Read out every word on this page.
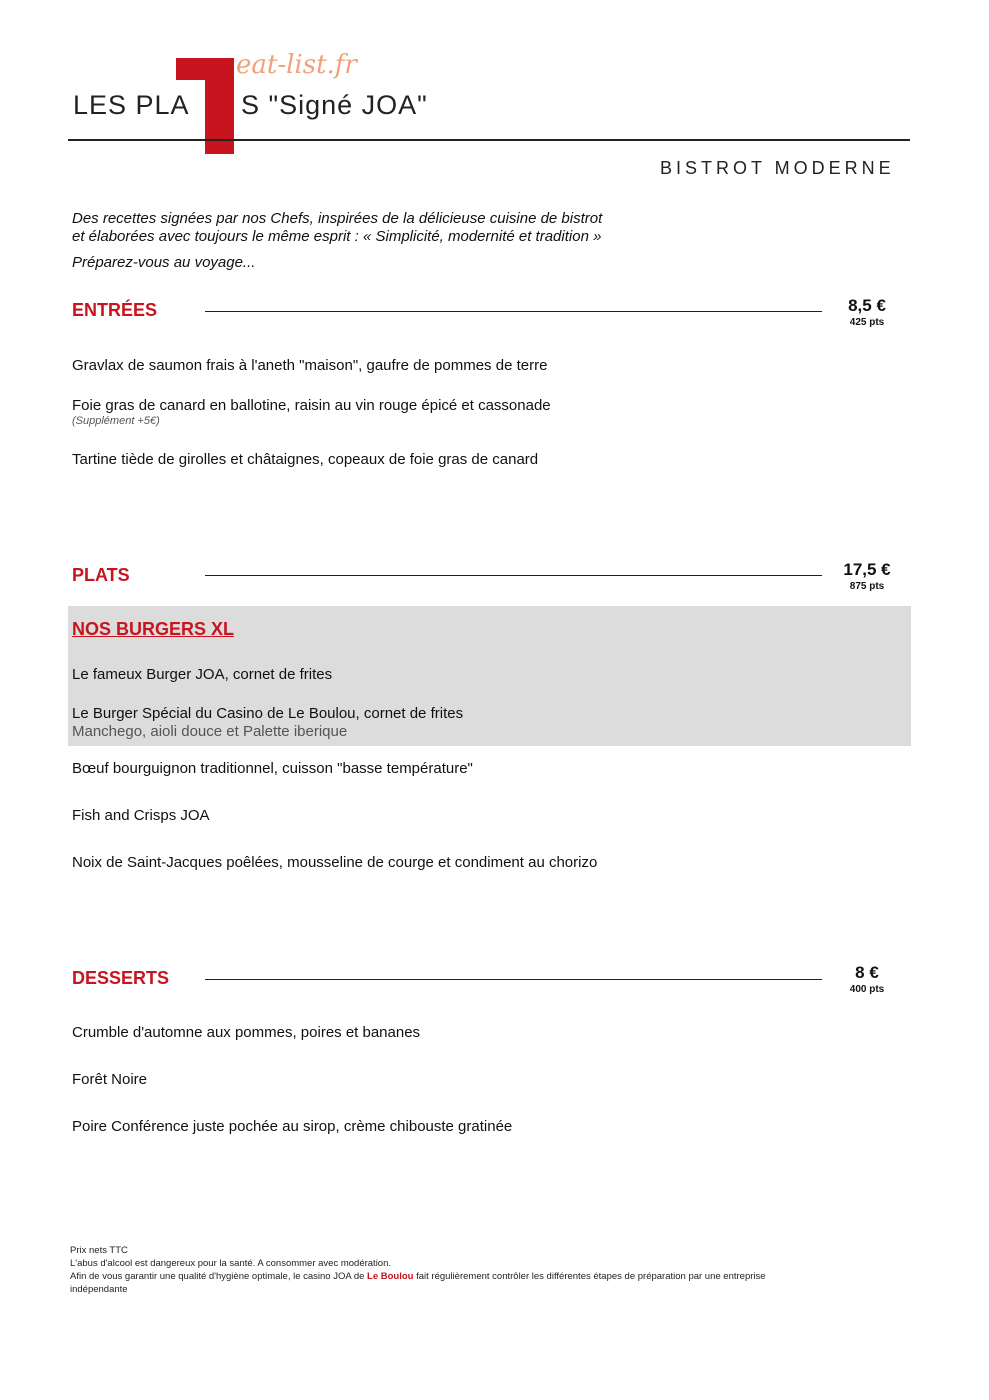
LES PLA S "Signé JOA"
eat-list.fr
BISTROT MODERNE
Des recettes signées par nos Chefs, inspirées de la délicieuse cuisine de bistrot
et élaborées avec toujours le même esprit : « Simplicité, modernité et tradition »
Préparez-vous au voyage...
ENTRÉES	8,5 €
425 pts
Gravlax de saumon frais à l'aneth "maison", gaufre de pommes de terre
Foie gras de canard en ballotine, raisin au vin rouge épicé et cassonade
(Supplément +5€)
Tartine tiède de girolles et châtaignes, copeaux de foie gras de canard
PLATS	17,5 €
875 pts
NOS BURGERS XL
Le fameux Burger JOA, cornet de frites
Le Burger Spécial du Casino de Le Boulou, cornet de frites
Manchego, aioli douce et Palette iberique
Bœuf bourguignon traditionnel, cuisson "basse température"
Fish and Crisps JOA
Noix de Saint-Jacques poêlées, mousseline de courge et condiment au chorizo
DESSERTS	8 €
400 pts
Crumble d'automne aux pommes, poires et bananes
Forêt Noire
Poire Conférence juste pochée au sirop, crème chibouste gratinée
Prix nets TTC
L'abus d'alcool est dangereux pour la santé. A consommer avec modération.
Afin de vous garantir une qualité d'hygiène optimale, le casino JOA de Le Boulou fait régulièrement contrôler les différentes étapes de préparation par une entreprise
indépendante
